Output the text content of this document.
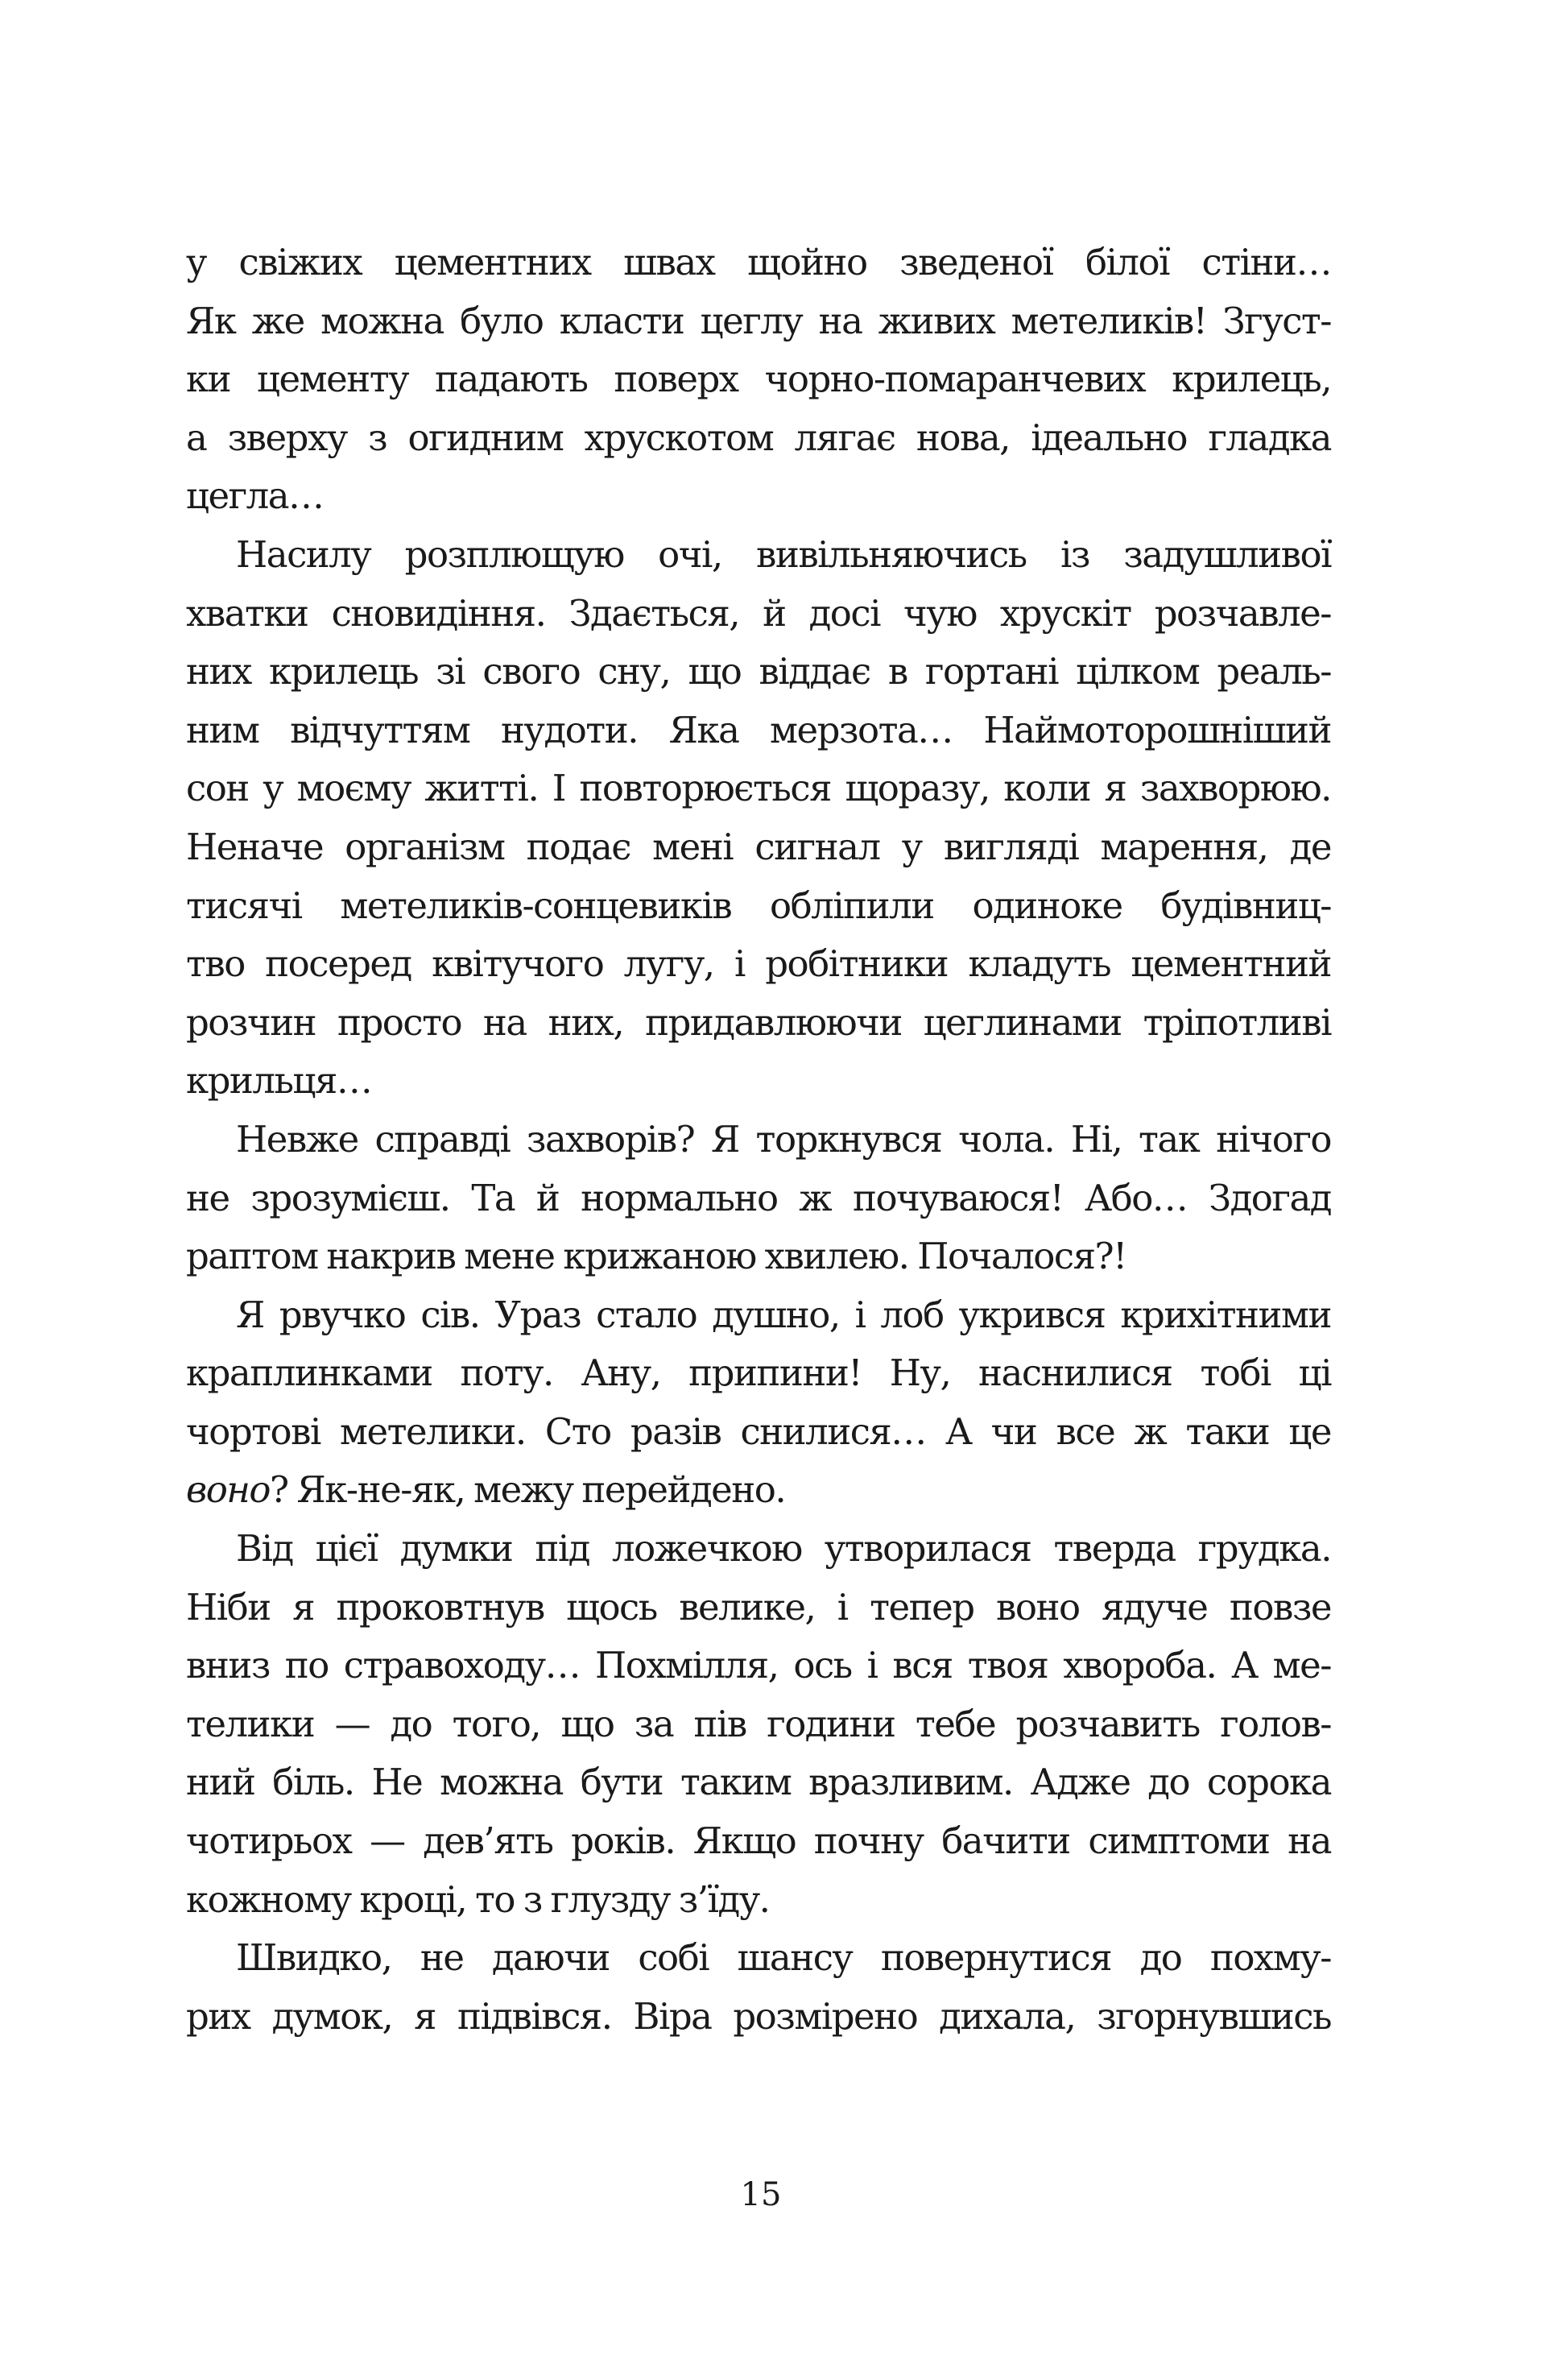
у свіжих цементних швах щойно зведеної білої стіни…
Як же можна було класти цеглу на живих метеликів! Згуст-
ки цементу падають поверх чорно-помаранчевих крилець,
а зверху з огидним хрускотом лягає нова, ідеально гладка
цегла…
Насилу розплющую очі, вивільняючись із задушливої
хватки сновидіння. Здається, й досі чую хрускіт розчавле-
них крилець зі свого сну, що віддає в гортані цілком реаль-
ним відчуттям нудоти. Яка мерзота… Наймоторошніший
сон у моєму житті. І повторюється щоразу, коли я захворюю.
Неначе організм подає мені сигнал у вигляді марення, де
тисячі метеликів-сонцевиків обліпили одиноке будівниц-
тво посеред квітучого лугу, і робітники кладуть цементний
розчин просто на них, придавлюючи цеглинами тріпотливі
крильця…
Невже справді захворів? Я торкнувся чола. Ні, так нічого
не зрозумієш. Та й нормально ж почуваюся! Або… Здогад
раптом накрив мене крижаною хвилею. Почалося?!
Я рвучко сів. Ураз стало душно, і лоб укрився крихітними
краплинками поту. Ану, припини! Ну, наснилися тобі ці
чортові метелики. Сто разів снилися… А чи все ж таки це
воно? Як-не-як, межу перейдено.
Від цієї думки під ложечкою утворилася тверда грудка.
Ніби я проковтнув щось велике, і тепер воно ядуче повзе
вниз по стравоходу… Похмілля, ось і вся твоя хвороба. А ме-
телики — до того, що за пів години тебе розчавить голов-
ний біль. Не можна бути таким вразливим. Адже до сорока
чотирьох — дев’ять років. Якщо почну бачити симптоми на
кожному кроці, то з глузду з’їду.
Швидко, не даючи собі шансу повернутися до похму-
рих думок, я підвівся. Віра розмірено дихала, згорнувшись
15
